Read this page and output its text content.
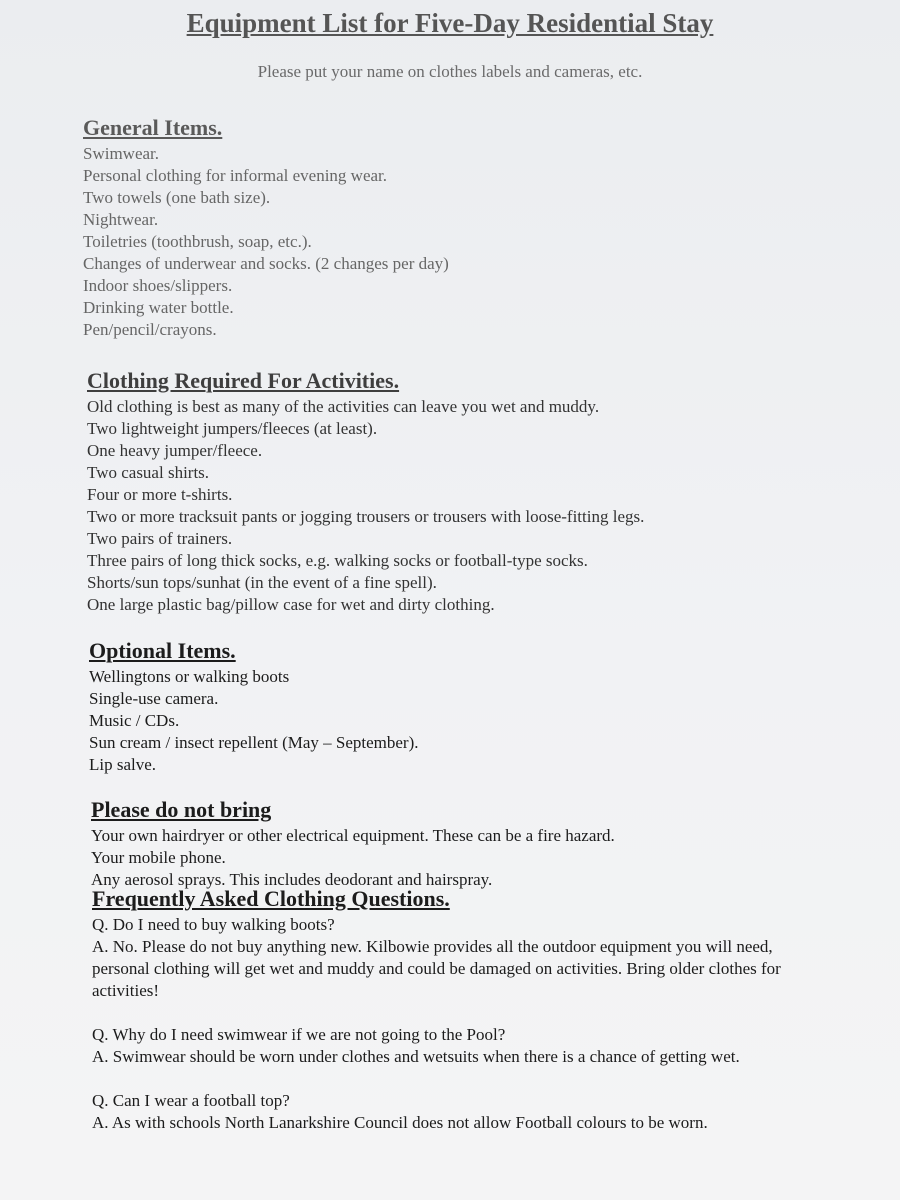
Equipment List for Five-Day Residential Stay

Please put your name on clothes labels and cameras, etc.

General Items.
Swimwear.
Personal clothing for informal evening wear.
Two towels (one bath size).
Nightwear.
Toiletries (toothbrush, soap, etc.).
Changes of underwear and socks. (2 changes per day)
Indoor shoes/slippers.
Drinking water bottle.
Pen/pencil/crayons.
Clothing Required For Activities.
Old clothing is best as many of the activities can leave you wet and muddy.
Two lightweight jumpers/fleeces (at least).
One heavy jumper/fleece.
Two casual shirts.
Four or more t-shirts.
Two or more tracksuit pants or jogging trousers or trousers with loose-fitting legs.
Two pairs of trainers.
Three pairs of long thick socks, e.g. walking socks or football-type socks.
Shorts/sun tops/sunhat (in the event of a fine spell).
One large plastic bag/pillow case for wet and dirty clothing.
Optional Items.
Wellingtons or walking boots
Single-use camera.
Music / CDs.
Sun cream / insect repellent (May – September).
Lip salve.
Please do not bring
Your own hairdryer or other electrical equipment. These can be a fire hazard.
Your mobile phone.
Any aerosol sprays. This includes deodorant and hairspray.
Frequently Asked Clothing Questions.

Q. Do I need to buy walking boots?

A. No. Please do not buy anything new. Kilbowie provides all the outdoor equipment you will need, personal clothing will get wet and muddy and could be damaged on activities. Bring older clothes for activities!

Q. Why do I need swimwear if we are not going to the Pool?

A. Swimwear should be worn under clothes and wetsuits when there is a chance of getting wet.

Q. Can I wear a football top?

A. As with schools North Lanarkshire Council does not allow Football colours to be worn.
